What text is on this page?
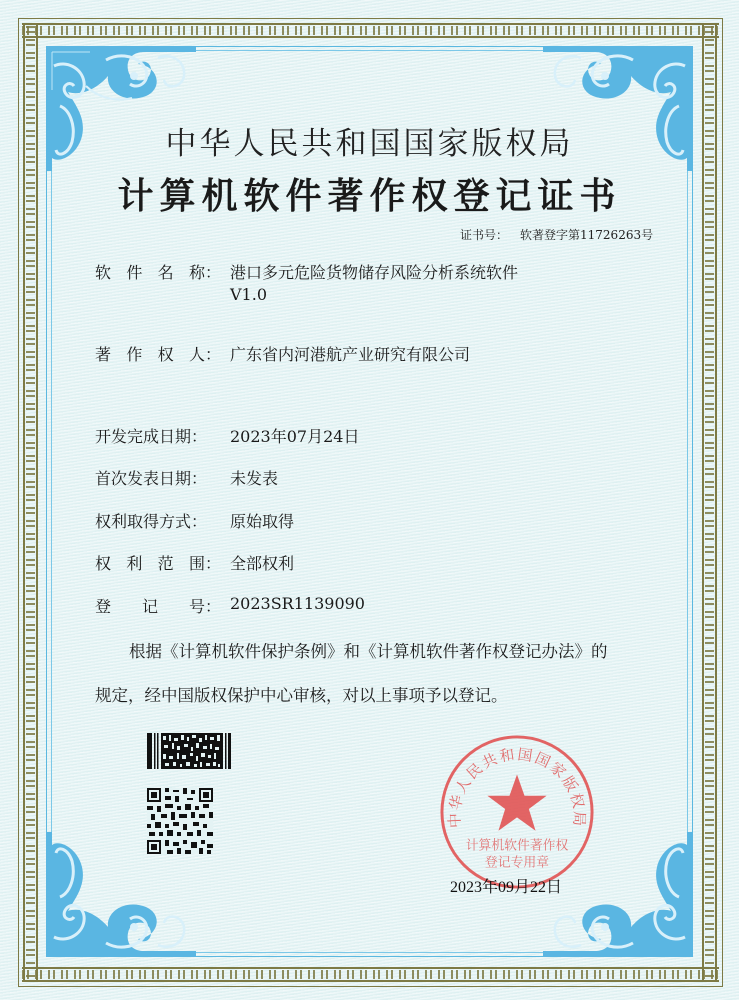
中华人民共和国国家版权局
计算机软件著作权登记证书
证书号： 软著登字第11726263号
软 件 名 称： 港口多元危险货物储存风险分析系统软件
V1.0
著 作 权 人： 广东省内河港航产业研究有限公司
开发完成日期： 2023年07月24日
首次发表日期： 未发表
权利取得方式： 原始取得
权 利 范 围： 全部权利
登 记 号： 2023SR1139090
根据《计算机软件保护条例》和《计算机软件著作权登记办法》的
规定，经中国版权保护中心审核，对以上事项予以登记。
中华人民共和国国家版权局
计算机软件著作权
登记专用章
2023年09月22日
